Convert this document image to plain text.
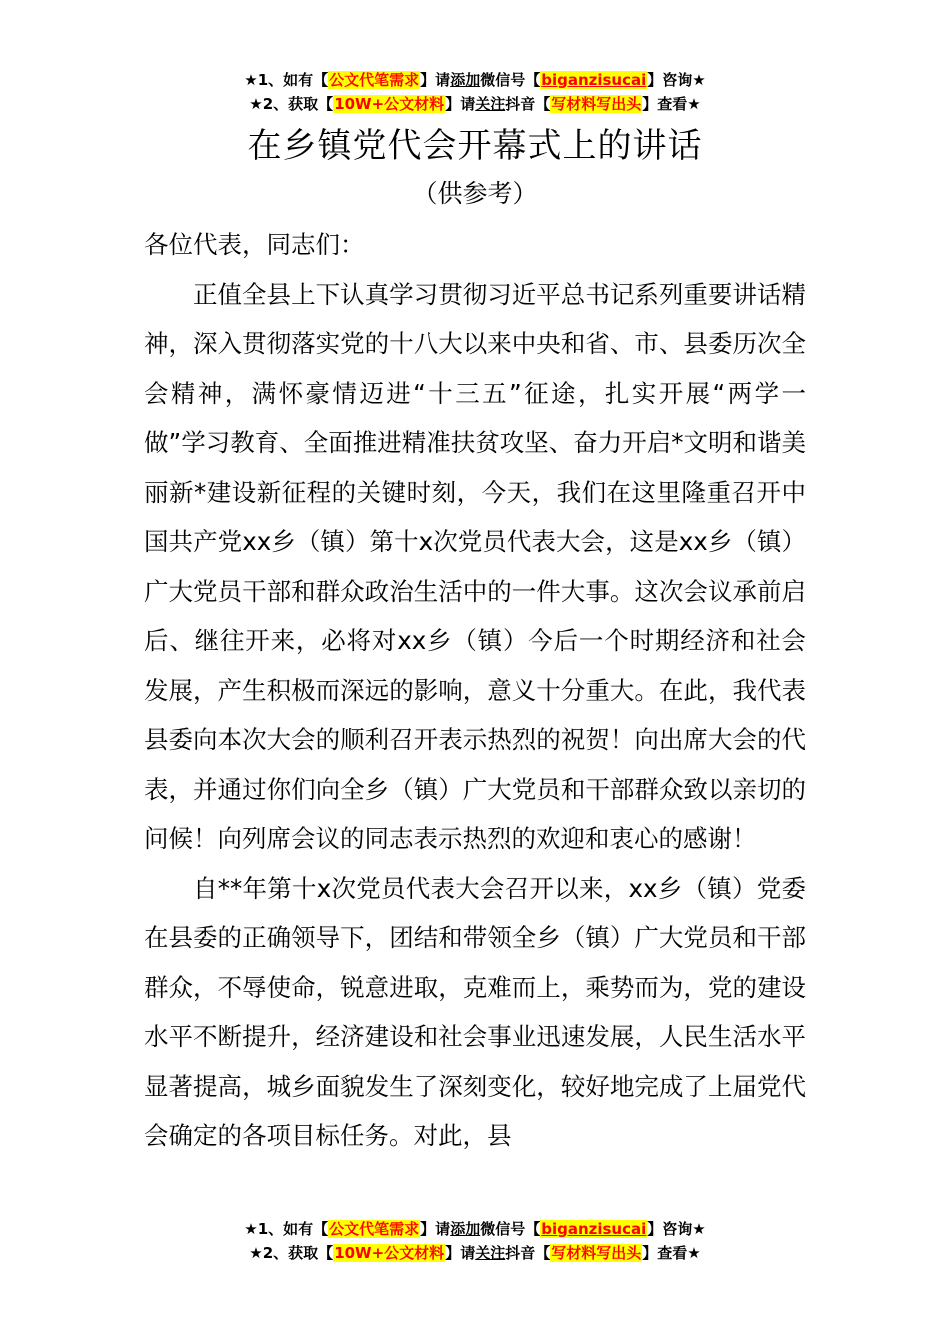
★1、如有【公文代笔需求】请添加微信号【biganzisucai】咨询★
★2、获取【10W+公文材料】请关注抖音【写材料写出头】查看★
在乡镇党代会开幕式上的讲话
（供参考）

各位代表，同志们：

正值全县上下认真学习贯彻习近平总书记系列重要讲话精神，深入贯彻落实党的十八大以来中央和省、市、县委历次全会精神，满怀豪情迈进“十三五”征途，扎实开展“两学一做”学习教育、全面推进精准扶贫攻坚、奋力开启*文明和谐美丽新*建设新征程的关键时刻，今天，我们在这里隆重召开中国共产党xx乡（镇）第十x次党员代表大会，这是xx乡（镇）广大党员干部和群众政治生活中的一件大事。这次会议承前启后、继往开来，必将对xx乡（镇）今后一个时期经济和社会发展，产生积极而深远的影响，意义十分重大。在此，我代表县委向本次大会的顺利召开表示热烈的祝贺！向出席大会的代表，并通过你们向全乡（镇）广大党员和干部群众致以亲切的问候！向列席会议的同志表示热烈的欢迎和衷心的感谢！

自**年第十x次党员代表大会召开以来，xx乡（镇）党委在县委的正确领导下，团结和带领全乡（镇）广大党员和干部群众，不辱使命，锐意进取，克难而上，乘势而为，党的建设水平不断提升，经济建设和社会事业迅速发展，人民生活水平显著提高，城乡面貌发生了深刻变化，较好地完成了上届党代会确定的各项目标任务。对此，县

★1、如有【公文代笔需求】请添加微信号【biganzisucai】咨询★
★2、获取【10W+公文材料】请关注抖音【写材料写出头】查看★
